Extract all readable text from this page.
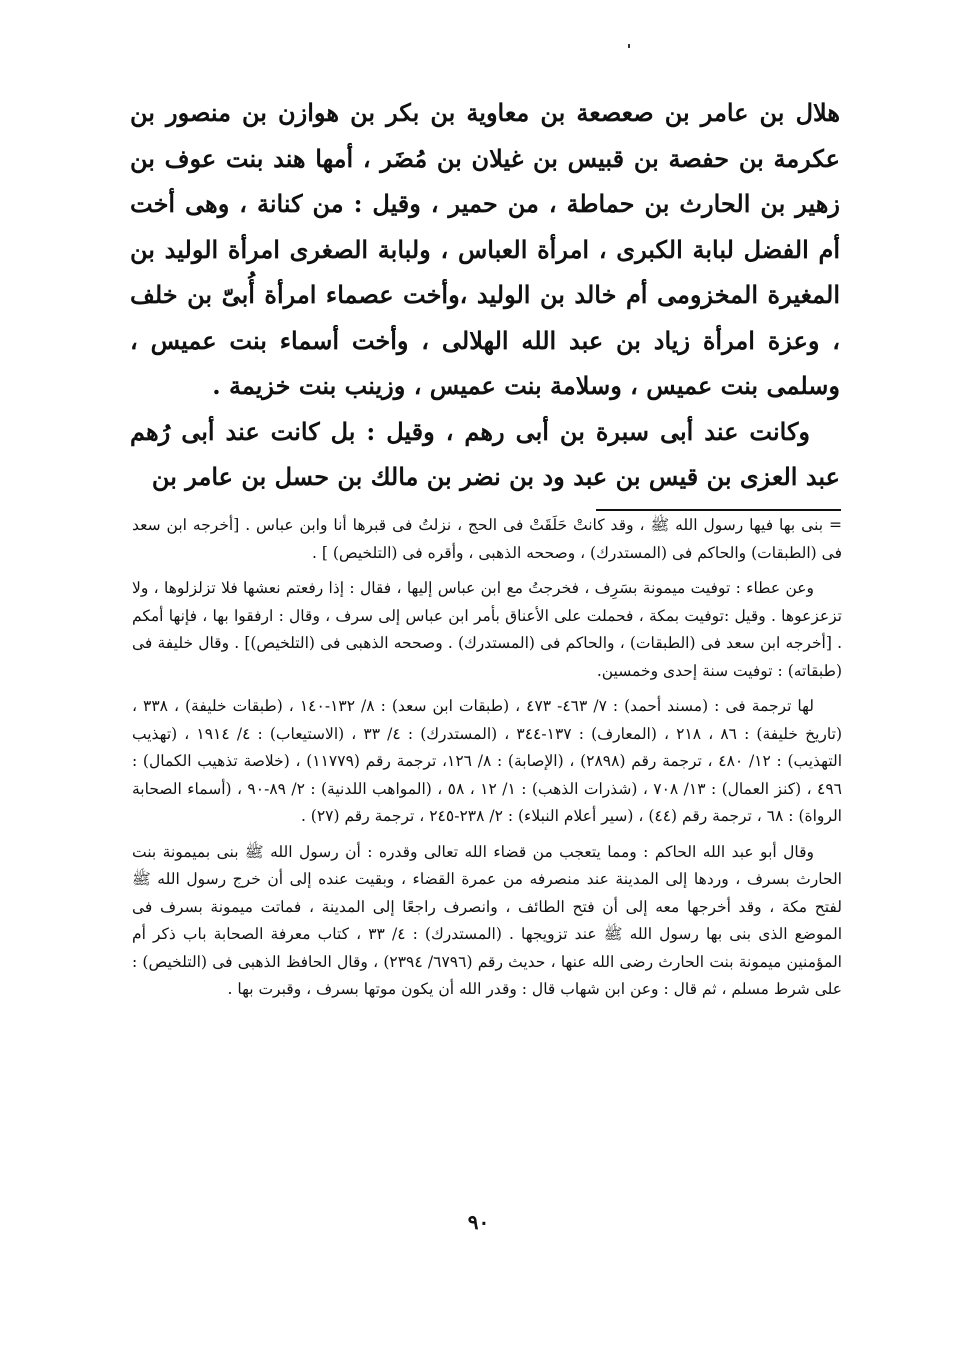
هلال بن عامر بن صعصعة بن معاوية بن بكر بن هوازن بن منصور بن عكرمة بن حفصة بن قبيس بن غيلان بن مُضَر ، أمها هند بنت عوف بن زهير بن الحارث بن حماطة ، من حمير ، وقيل : من كنانة ، وهى أخت أم الفضل لبابة الكبرى ، امرأة العباس ، ولبابة الصغرى امرأة الوليد بن المغيرة المخزومى أم خالد بن الوليد ،وأخت عصماء امرأة أُبىّ بن خلف ، وعزة امرأة زياد بن عبد الله الهلالى ، وأخت أسماء بنت عميس ، وسلمى بنت عميس ، وسلامة بنت عميس ، وزينب بنت خزيمة .

وكانت عند أبى سبرة بن أبى رهم ، وقيل : بل كانت عند أبى رُهم عبد العزى بن قيس بن عبد ود بن نضر بن مالك بن حسل بن عامر بن

= بنى بها فيها رسول الله ﷺ ، وقد كانتْ حَلَقَتْ فى الحج ، نزلتُ فى قبرها أنا وابن عباس . [أخرجه ابن سعد فى (الطبقات) والحاكم فى (المستدرك) ، وصححه الذهبى ، وأقره فى (التلخيص) ] .

وعن عطاء : توفيت ميمونة بسَرِف ، فخرجتُ مع ابن عباس إليها ، فقال : إذا رفعتم نعشها فلا تزلزلوها ، ولا تزعزعوها . وقيل :توفيت بمكة ، فحملت على الأعناق بأمر ابن عباس إلى سرف ، وقال : ارفقوا بها ، فإنها أمكم . [أخرجه ابن سعد فى (الطبقات) ، والحاكم فى (المستدرك) . وصححه الذهبى فى (التلخيص)] . وقال خليفة فى (طبقاته) : توفيت سنة إحدى وخمسين.

لها ترجمة فى : (مسند أحمد) : ٧/ ٤٦٣- ٤٧٣ ، (طبقات ابن سعد) : ٨/ ١٣٢-١٤٠ ، (طبقات خليفة) ، ٣٣٨ ، (تاريخ خليفة) : ٨٦ ، ٢١٨ ، (المعارف) : ١٣٧-٣٤٤ ، (المستدرك) : ٤/ ٣٣ ، (الاستيعاب) : ٤/ ١٩١٤ ، (تهذيب التهذيب) : ١٢/ ٤٨٠ ، ترجمة رقم (٢٨٩٨) ، (الإصابة) : ٨/ ١٢٦، ترجمة رقم (١١٧٧٩) ، (خلاصة تذهيب الكمال) : ٤٩٦ ، (كنز العمال) : ١٣/ ٧٠٨ ، (شذرات الذهب) : ١/ ١٢ ، ٥٨ ، (المواهب اللدنية) : ٢/ ٨٩-٩٠ ، (أسماء الصحابة الرواة) : ٦٨ ، ترجمة رقم (٤٤) ، (سير أعلام النبلاء) : ٢/ ٢٣٨-٢٤٥ ، ترجمة رقم (٢٧) .

وقال أبو عبد الله الحاكم : ومما يتعجب من قضاء الله تعالى وقدره : أن رسول الله ﷺ بنى بميمونة بنت الحارث بسرف ، وردها إلى المدينة عند منصرفه من عمرة القضاء ، وبقيت عنده إلى أن خرج رسول الله ﷺ لفتح مكة ، وقد أخرجها معه إلى أن فتح الطائف ، وانصرف راجعًا إلى المدينة ، فماتت ميمونة بسرف فى الموضع الذى بنى بها رسول الله ﷺ عند تزويجها . (المستدرك) : ٤/ ٣٣ ، كتاب معرفة الصحابة باب ذكر أم المؤمنين ميمونة بنت الحارث رضى الله عنها ، حديث رقم (٦٧٩٦/ ٢٣٩٤) ، وقال الحافظ الذهبى فى (التلخيص) : على شرط مسلم ، ثم قال : وعن ابن شهاب قال : وقدر الله أن يكون موتها بسرف ، وقبرت بها .

٩٠
